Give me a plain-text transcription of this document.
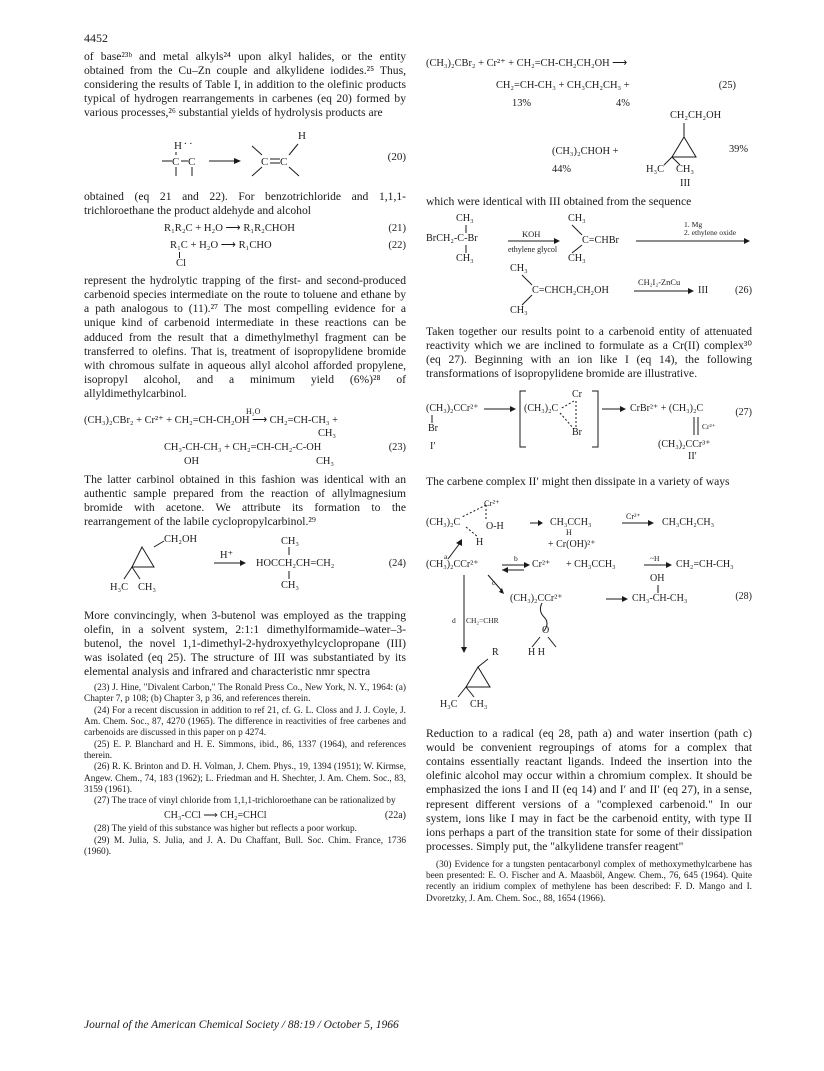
4452

of base²³ᵇ and metal alkyls²⁴ upon alkyl halides, or the entity obtained from the Cu–Zn couple and alkylidene iodides.²⁵ Thus, considering the results of Table I, in addition to the olefinic products typical of hydrogen rearrangements in carbenes (eq 20) formed by various processes,²⁶ substantial yields of hydrolysis products are

H . .
C C	C C
H
(20)

obtained (eq 21 and 22). For benzotrichloride and 1,1,1-trichloroethane the product aldehyde and alcohol

R₁R₂C + H₂O ⟶ R₁R₂CHOH	(21)
R₁C + H₂O ⟶ R₁CHO	(22)
Cl

represent the hydrolytic trapping of the first- and second-produced carbenoid species intermediate on the route to toluene and ethane by a path analogous to (11).²⁷ The most compelling evidence for a unique kind of carbenoid intermediate in these reactions can be adduced from the result that a dimethylmethyl fragment can be transferred to olefins. That is, treatment of isopropylidene bromide with chromous sulfate in aqueous allyl alcohol afforded propylene, isopropyl alcohol, and a minimum yield (6%)²⁸ of allyldimethylcarbinol.

H₂O
(CH₃)₂CBr₂ + Cr²⁺ + CH₂=CH-CH₂OH ⟶ CH₂=CH-CH₃ +
CH₃
CH₃-CH-CH₃ + CH₂=CH-CH₂-C-OH	(23)
OH	CH₃

The latter carbinol obtained in this fashion was identical with an authentic sample prepared from the reaction of allylmagnesium bromide with acetone. We attribute its formation to the rearrangement of the labile cyclopropylcarbinol.²⁹

CH₂OH
H⁺
CH₃
HOCCH₂CH=CH₂
CH₃
(24)
H₃C CH₃

More convincingly, when 3-butenol was employed as the trapping olefin, in a solvent system, 2:1:1 dimethylformamide–water–3-butenol, the novel 1,1-dimethyl-2-hydroxyethylcyclopropane (III) was isolated (eq 25). The structure of III was substantiated by its elemental analysis and infrared and characteristic nmr spectra

(23) J. Hine, "Divalent Carbon," The Ronald Press Co., New York, N. Y., 1964: (a) Chapter 7, p 108; (b) Chapter 3, p 36, and references therein.

(24) For a recent discussion in addition to ref 21, cf. G. L. Closs and J. J. Coyle, J. Am. Chem. Soc., 87, 4270 (1965). The difference in reactivities of free carbenes and carbenoids are discussed in this paper on p 4274.

(25) E. P. Blanchard and H. E. Simmons, ibid., 86, 1337 (1964), and references therein.

(26) R. K. Brinton and D. H. Volman, J. Chem. Phys., 19, 1394 (1951); W. Kirmse, Angew. Chem., 74, 183 (1962); L. Friedman and H. Shechter, J. Am. Chem. Soc., 83, 3159 (1961).

(27) The trace of vinyl chloride from 1,1,1-trichloroethane can be rationalized by

CH₃-CCl ⟶ CH₂=CHCl	(22a)

(28) The yield of this substance was higher but reflects a poor workup.

(29) M. Julia, S. Julia, and J. A. Du Chaffant, Bull. Soc. Chim. France, 1736 (1960).

(CH₃)₂CBr₂ + Cr²⁺ + CH₂=CH-CH₂CH₂OH ⟶
CH₂=CH-CH₃ + CH₃CH₂CH₃ +	(25)
13%	4%
CH₂CH₂OH
(CH₃)₂CHOH +	39%
H₃C CH₃
44%
III

which were identical with III obtained from the sequence

CH₃
BrCH₂-C-Br
CH₃
KOH
ethylene glycol
CH₃
C=CHBr
CH₃
1. Mg
2. ethylene oxide
CH₃
C=CHCH₂CH₂OH
CH₃
CH₂I₂-ZnCu
III	(26)

Taken together our results point to a carbenoid entity of attenuated reactivity which we are inclined to formulate as a Cr(II) complex³⁰ (eq 27). Beginning with an ion like I (eq 14), the following transformations of isopropylidene bromide are illustrative.

(CH₃)₂CCr²⁺
Br
I′
Cr
(CH₃)₂C
Br
CrBr²⁺ + (CH₃)₂C	(27)
Cr²⁺
(CH₃)₂CCr³⁺
II′

The carbene complex II′ might then dissipate in a variety of ways

Cr²⁺
(CH₃)₂C	O-H
H
a
CH₃CCH₃
H
Cr²⁺
CH₃CH₂CH₃
+ Cr(OH)²⁺
(CH₃)₂CCr²⁺
b
Cr²⁺ + CH₃CCH₃
~H
CH₂=CH-CH₃
c	OH
(CH₃)₂CCr²⁺	CH₃-CH-CH₃	(28)
d CH₂=CHR
O
H H
R
H₃C CH₃

Reduction to a radical (eq 28, path a) and water insertion (path c) would be convenient regroupings of atoms for a complex that contains essentially reactant ligands. Indeed the insertion into the olefinic alcohol may occur within a chromium complex. It should be emphasized the ions I and II (eq 14) and I′ and II′ (eq 27), in a sense, represent different versions of a "complexed carbenoid." In our system, ions like I may in fact be the carbenoid entity, with type II ions perhaps a part of the transition state for some of their dissipation processes. Simply put, the "alkylidene transfer reagent"

(30) Evidence for a tungsten pentacarbonyl complex of methoxymethylcarbene has been presented: E. O. Fischer and A. Maasböl, Angew. Chem., 76, 645 (1964). Quite recently an iridium complex of methylene has been described: F. D. Mango and I. Dvoretzky, J. Am. Chem. Soc., 88, 1654 (1966).

Journal of the American Chemical Society / 88:19 / October 5, 1966
